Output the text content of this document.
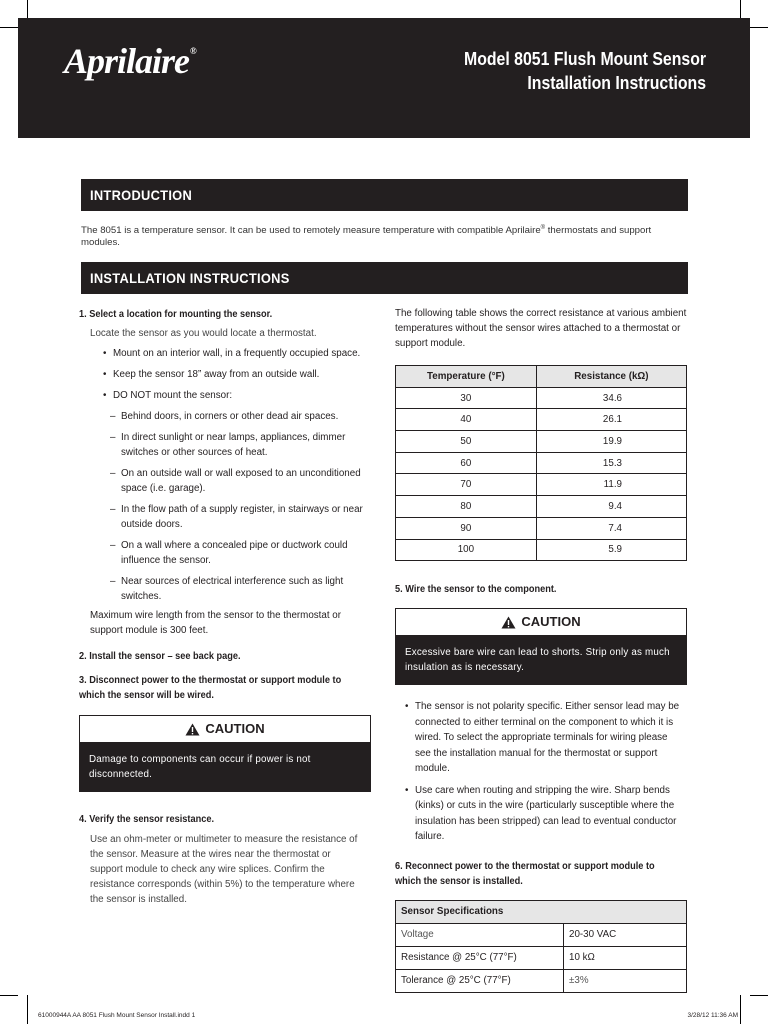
Aprilaire®	Model 8051 Flush Mount Sensor
Installation Instructions
INTRODUCTION
The 8051 is a temperature sensor. It can be used to remotely measure temperature with compatible Aprilaire® thermostats and support modules.
INSTALLATION INSTRUCTIONS
1. Select a location for mounting the sensor.
Locate the sensor as you would locate a thermostat.
• Mount on an interior wall, in a frequently occupied space.
• Keep the sensor 18” away from an outside wall.
• DO NOT mount the sensor:
– Behind doors, in corners or other dead air spaces.
– In direct sunlight or near lamps, appliances, dimmer switches or other sources of heat.
– On an outside wall or wall exposed to an unconditioned space (i.e. garage).
– In the flow path of a supply register, in stairways or near outside doors.
– On a wall where a concealed pipe or ductwork could influence the sensor.
– Near sources of electrical interference such as light switches.
Maximum wire length from the sensor to the thermostat or support module is 300 feet.
2. Install the sensor – see back page.
3. Disconnect power to the thermostat or support module to which the sensor will be wired.
CAUTION
Damage to components can occur if power is not disconnected.
4. Verify the sensor resistance.
Use an ohm-meter or multimeter to measure the resistance of the sensor. Measure at the wires near the thermostat or support module to check any wire splices. Confirm the resistance corresponds (within 5%) to the temperature where the sensor is installed.
The following table shows the correct resistance at various ambient temperatures without the sensor wires attached to a thermostat or support module.
Temperature (°F)	Resistance (kΩ)
30	34.6
40	26.1
50	19.9
60	15.3
70	11.9
80	9.4
90	7.4
100	5.9
5. Wire the sensor to the component.
CAUTION
Excessive bare wire can lead to shorts. Strip only as much insulation as is necessary.
• The sensor is not polarity specific. Either sensor lead may be connected to either terminal on the component to which it is wired. To select the appropriate terminals for wiring please see the installation manual for the thermostat or support module.
• Use care when routing and stripping the wire. Sharp bends (kinks) or cuts in the wire (particularly susceptible where the insulation has been stripped) can lead to eventual conductor failure.
6. Reconnect power to the thermostat or support module to which the sensor is installed.
Sensor Specifications	
Voltage	20-30 VAC
Resistance @ 25°C (77°F)	10 kΩ
Tolerance @ 25°C (77°F)	±3%
61000944A AA 8051 Flush Mount Sensor Install.indd 1	3/28/12 11:36 AM
